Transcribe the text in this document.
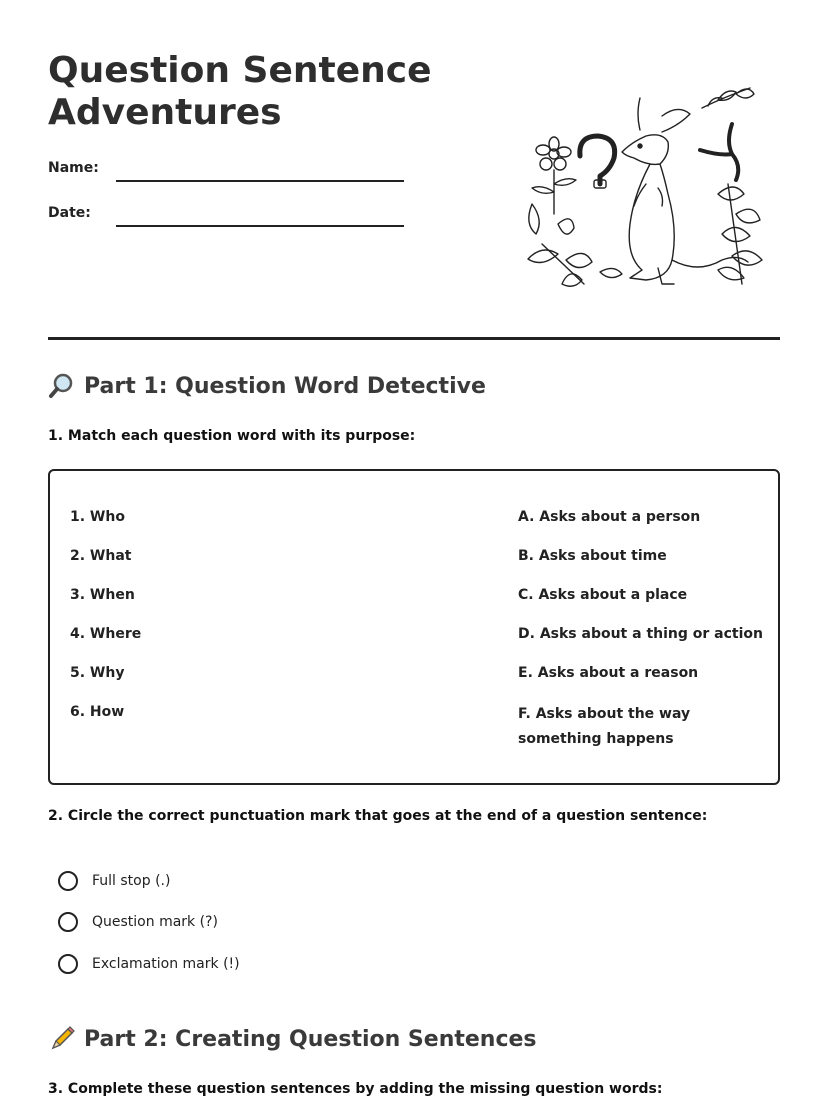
Question Sentence
Adventures
Name:
Date:
Part 1: Question Word Detective

1. Match each question word with its purpose:

1. Who
2. What
3. When
4. Where
5. Why
6. How
A. Asks about a person
B. Asks about time
C. Asks about a place
D. Asks about a thing or action
E. Asks about a reason
F. Asks about the way something happens

2. Circle the correct punctuation mark that goes at the end of a question sentence:

Full stop (.)
Question mark (?)
Exclamation mark (!)
Part 2: Creating Question Sentences

3. Complete these question sentences by adding the missing question words:
